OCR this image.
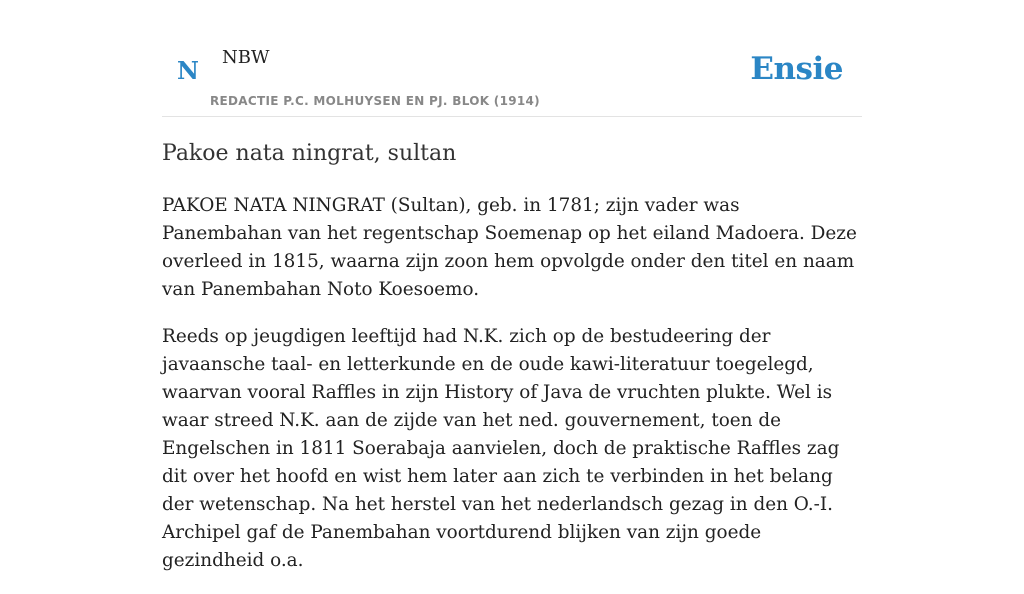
N NBW
REDACTIE P.C. MOLHUYSEN EN PJ. BLOK (1914)
Ensie
Pakoe nata ningrat, sultan

PAKOE NATA NINGRAT (Sultan), geb. in 1781; zijn vader was Panembahan van het regentschap Soemenap op het eiland Madoera. Deze overleed in 1815, waarna zijn zoon hem opvolgde onder den titel en naam van Panembahan Noto Koesoemo.

Reeds op jeugdigen leeftijd had N.K. zich op de bestudeering der javaansche taal- en letterkunde en de oude kawi-literatuur toegelegd, waarvan vooral Raffles in zijn History of Java de vruchten plukte. Wel is waar streed N.K. aan de zijde van het ned. gouvernement, toen de Engelschen in 1811 Soerabaja aanvielen, doch de praktische Raffles zag dit over het hoofd en wist hem later aan zich te verbinden in het belang der wetenschap. Na het herstel van het nederlandsch gezag in den O.-I. Archipel gaf de Panembahan voortdurend blijken van zijn goede gezindheid o.a.
